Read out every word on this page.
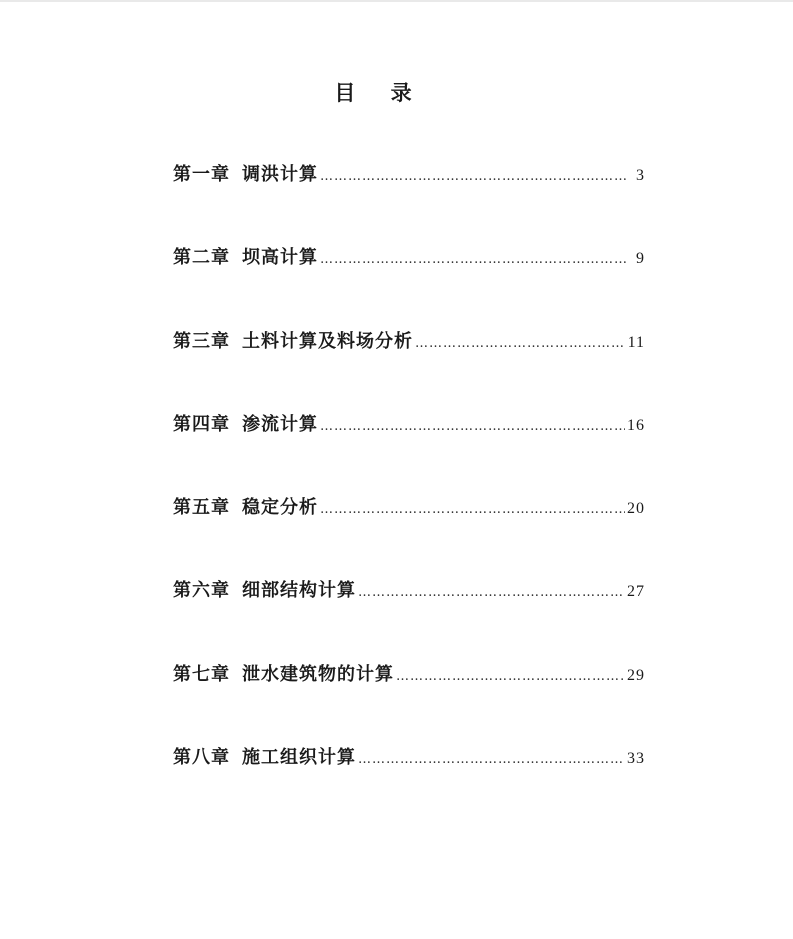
目 录
第一章 调洪计算 ………………………………………………………………………………………………………………	3
第二章 坝高计算 ………………………………………………………………………………………………………………	9
第三章 土料计算及料场分析 ………………………………………………………………………………………………………………	11
第四章 渗流计算 ………………………………………………………………………………………………………………	16
第五章 稳定分析 ………………………………………………………………………………………………………………	20
第六章 细部结构计算 ………………………………………………………………………………………………………………	27
第七章 泄水建筑物的计算 ………………………………………………………………………………………………………………	29
第八章 施工组织计算 ………………………………………………………………………………………………………………	33
